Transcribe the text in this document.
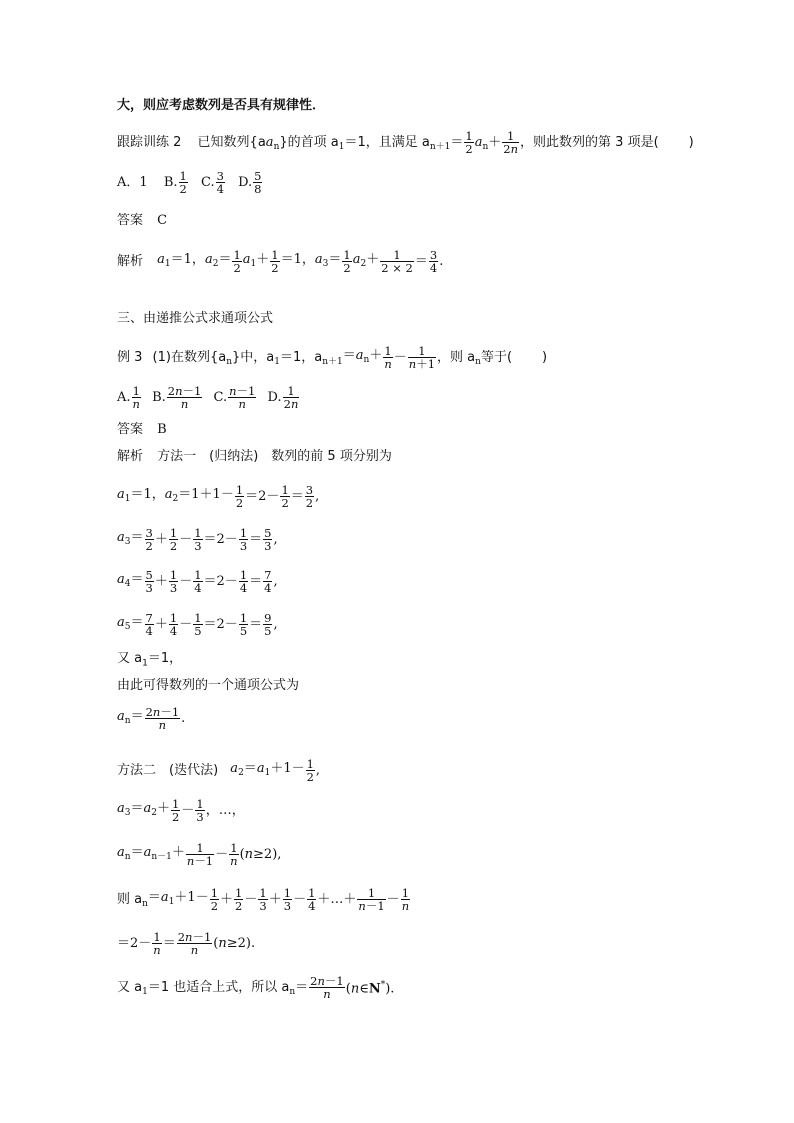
大，则应考虑数列是否具有规律性．
跟踪训练 2 已知数列$\{aa_n\}$的首项 $a_1=1$，且满足 $a_{n+1}= \frac{1}{2} a_n+ \frac{1}{2n}$ ，则此数列的第 3 项是( )
A．1 B. $\frac{1}{2} C$. $\frac{3}{4} D$. $\frac{5}{8}$
答案 C
解析 $a_1=1$，$a_2= \frac{1}{2} a_1+ \frac{1}{2} =1$，$a_3= \frac{1}{2} a_2+ \frac{1}{2 \times 2} = \frac{3}{4}$ .
三、由递推公式求通项公式
例 3 (1)在数列$\{a_n\}$中，$a_1=1$，$a_{n+1}=a_n+ \frac{1}{n} - \frac{1}{n+1}$ ，则 $a_n$等于( )
A. $\frac{1}{n} B$. $\frac{2n-1}{n} C$. $\frac{n-1}{n} D$. $\frac{1}{2n}$
答案 B
解析 方法一　(归纳法)　数列的前 5 项分别为
$a_1=1$，$a_2=1+1- \frac{1}{2} =2- \frac{1}{2} = \frac{3}{2}$ ,
$a_3= \frac{3}{2} + \frac{1}{2} - \frac{1}{3} =2- \frac{1}{3} = \frac{5}{3}$ ,
$a_4= \frac{5}{3} + \frac{1}{3} - \frac{1}{4} =2- \frac{1}{4} = \frac{7}{4}$ ,
$a_5= \frac{7}{4} + \frac{1}{4} - \frac{1}{5} =2- \frac{1}{5} = \frac{9}{5}$ ,
又 $a_1=1$，
由此可得数列的一个通项公式为
$a_n= \frac{2n-1}{n}$ .
方法二　(迭代法) $a_2=a_1+1- \frac{1}{2}$ ,
$a_3=a_2+ \frac{1}{2} - \frac{1}{3}$ ，…，
$a_n=a_{n-1}+ \frac{1}{n-1} - \frac{1}{n} (n\ge 2)$,
则 $a_n=a_1+1- \frac{1}{2} + \frac{1}{2} - \frac{1}{3} + \frac{1}{3} - \frac{1}{4}$ ＋…＋ $\frac{1}{n-1} - \frac{1}{n}$
$=2- \frac{1}{n} = \frac{2n-1}{n} (n\ge 2)$.
又 $a_1=1$ 也适合上式，所以 $a_n= \frac{2n-1}{n}$ (n∈N*).
